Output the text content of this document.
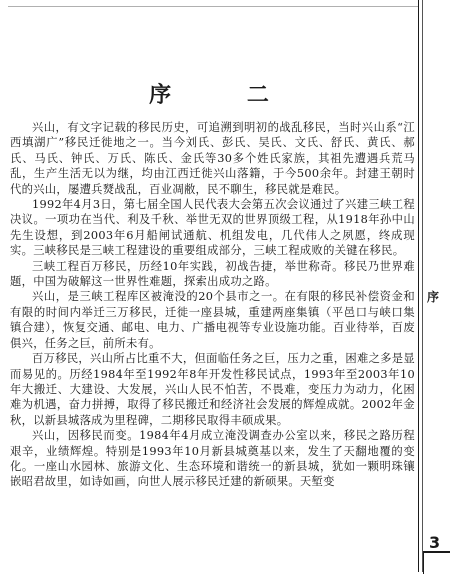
序
3
序 二

兴山，有文字记载的移民历史，可追溯到明初的战乱移民，当时兴山系“江西填湖广”移民迁徙地之一。当今刘氏、彭氏、吴氏、文氏、舒氏、黄氏、郝氏、马氏、钟氏、万氏、陈氏、金氏等30多个姓氏家族，其祖先遭遇兵荒马乱，生产生活无以为继，均由江西迁徙兴山落籍，于今500余年。封建王朝时代的兴山，屡遭兵燹战乱，百业凋敝，民不聊生，移民就是难民。

1992年4月3日，第七届全国人民代表大会第五次会议通过了兴建三峡工程决议。一项功在当代、利及千秋、举世无双的世界顶级工程，从1918年孙中山先生设想，到2003年6月船闸试通航、机组发电，几代伟人之夙愿，终成现实。三峡移民是三峡工程建设的重要组成部分，三峡工程成败的关键在移民。

三峡工程百万移民，历经10年实践，初战告捷，举世称奇。移民乃世界难题，中国为破解这一世界性难题，探索出成功之路。

兴山，是三峡工程库区被淹没的20个县市之一。在有限的移民补偿资金和有限的时间内举迁三万移民，迁徙一座县城，重建两座集镇（平邑口与峡口集镇合建），恢复交通、邮电、电力、广播电视等专业设施功能。百业待举，百废俱兴，任务之巨，前所未有。

百万移民，兴山所占比重不大，但面临任务之巨，压力之重，困难之多是显而易见的。历经1984年至1992年8年开发性移民试点，1993年至2003年10年大搬迁、大建设、大发展，兴山人民不怕苦，不畏难，变压力为动力，化困难为机遇，奋力拼搏，取得了移民搬迁和经济社会发展的辉煌成就。2002年金秋，以新县城落成为里程碑，二期移民取得丰硕成果。

兴山，因移民而变。1984年4月成立淹没调查办公室以来，移民之路历程艰辛，业绩辉煌。特别是1993年10月新县城奠基以来，发生了天翻地覆的变化。一座山水园林、旅游文化、生态环境和谐统一的新县城，犹如一颗明珠镶嵌昭君故里，如诗如画，向世人展示移民迁建的新硕果。天堑变
